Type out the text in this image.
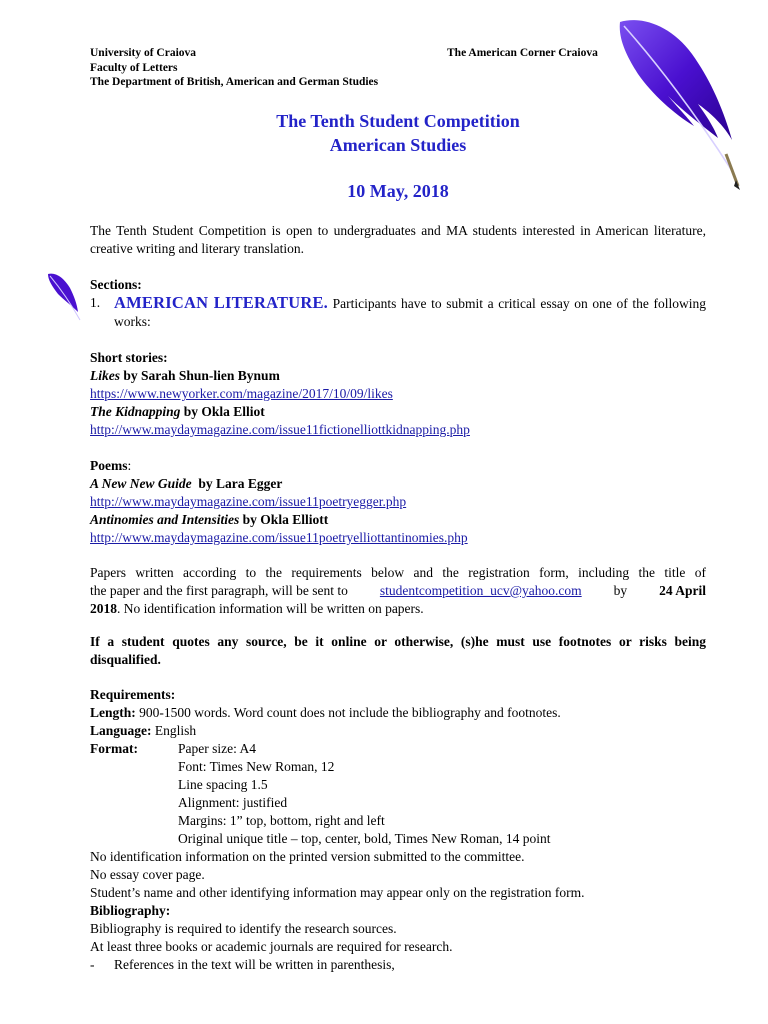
University of Craiova
Faculty of Letters
The Department of British, American and German Studies
The American Corner Craiova
The Tenth Student Competition
American Studies
10 May, 2018
The Tenth Student Competition is open to undergraduates and MA students interested in American literature, creative writing and literary translation.
Sections:
1. AMERICAN LITERATURE. Participants have to submit a critical essay on one of the following works:
Short stories:
Likes by Sarah Shun-lien Bynum
https://www.newyorker.com/magazine/2017/10/09/likes
The Kidnapping by Okla Elliot
http://www.maydaymagazine.com/issue11fictionelliottkidnapping.php
Poems:
A New New Guide  by Lara Egger
http://www.maydaymagazine.com/issue11poetryegger.php
Antinomies and Intensities by Okla Elliott
http://www.maydaymagazine.com/issue11poetryelliottantinomies.php
Papers written according to the requirements below and the registration form, including the title of
the paper and the first paragraph, will be sent to studentcompetition_ucv@yahoo.com by 24 April
2018. No identification information will be written on papers.
If a student quotes any source, be it online or otherwise, (s)he must use footnotes or risks being disqualified.
Requirements:
Length: 900-1500 words. Word count does not include the bibliography and footnotes.
Language: English
Format:	Paper size: A4
Font: Times New Roman, 12
Line spacing 1.5
Alignment: justified
Margins: 1” top, bottom, right and left
Original unique title – top, center, bold, Times New Roman, 14 point
No identification information on the printed version submitted to the committee.
No essay cover page.
Student’s name and other identifying information may appear only on the registration form.
Bibliography:
Bibliography is required to identify the research sources.
At least three books or academic journals are required for research.
- References in the text will be written in parenthesis,
